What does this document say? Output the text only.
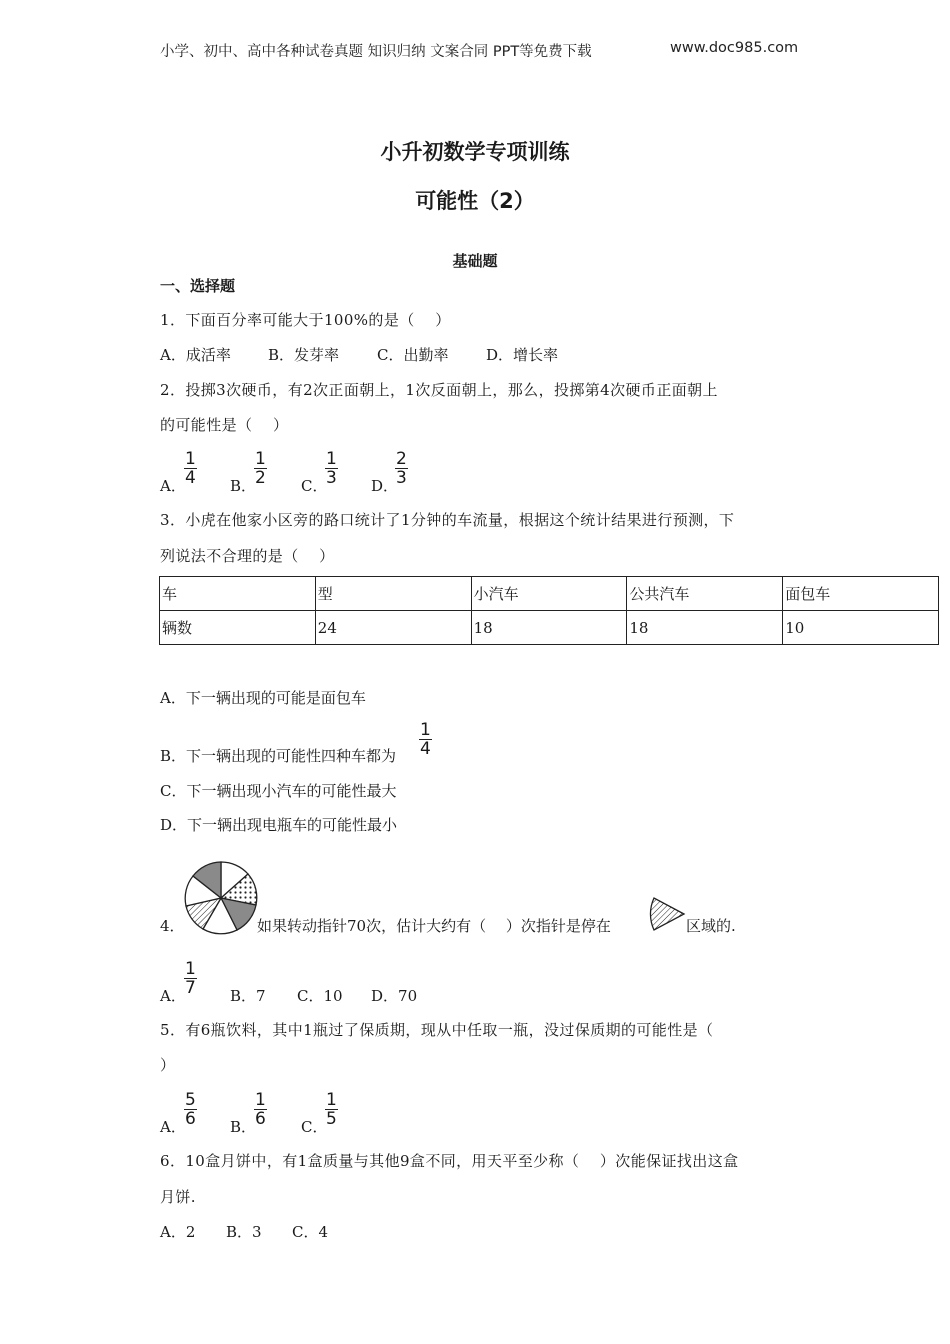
小学、初中、高中各种试卷真题 知识归纳 文案合同 PPT等免费下载	www.doc985.com
小升初数学专项训练
可能性（2）
基础题
一、选择题
1．下面百分率可能大于100%的是（　 ）
A．成活率 B．发芽率	C．出勤率	D．增长率
2．投掷3次硬币，有2次正面朝上，1次反面朝上，那么，投掷第4次硬币正面朝上
的可能性是（　 ）
A．
$\frac{1}{4}$ B．
$\frac{1}{2}$ C．
$\frac{1}{3}$ D．
$\frac{2}{3}$
3．小虎在他家小区旁的路口统计了1分钟的车流量，根据这个统计结果进行预测，下
列说法不合理的是（　 ）
车	型	小汽车	公共汽车	面包车
辆数	24	18	18	10
A．下一辆出现的可能是面包车
B．下一辆出现的可能性四种车都为 $\frac{1}{4}$
C．下一辆出现小汽车的可能性最大
D．下一辆出现电瓶车的可能性最小
4．	如果转动指针70次，估计大约有（　 ）次指针是停在	区域的.
A．
$\frac{1}{7}$ B．7 C．10 D．70
5．有6瓶饮料，其中1瓶过了保质期，现从中任取一瓶，没过保质期的可能性是（
）
A．
$\frac{5}{6}$ B．
$\frac{1}{6}$ C．
$\frac{1}{5}$
6．10盒月饼中，有1盒质量与其他9盒不同，用天平至少称（　 ）次能保证找出这盒
月饼.
A．2 B．3 C．4
